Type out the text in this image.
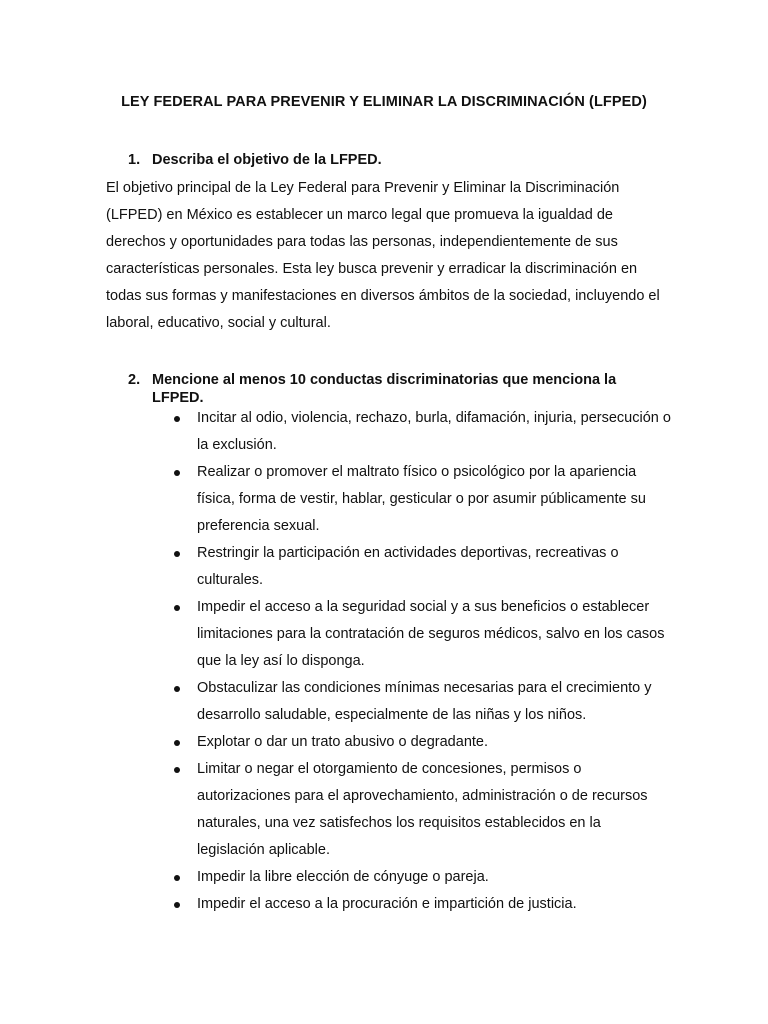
LEY FEDERAL PARA PREVENIR Y ELIMINAR LA DISCRIMINACIÓN (LFPED)
1. Describa el objetivo de la LFPED.
El objetivo principal de la Ley Federal para Prevenir y Eliminar la Discriminación (LFPED) en México es establecer un marco legal que promueva la igualdad de derechos y oportunidades para todas las personas, independientemente de sus características personales. Esta ley busca prevenir y erradicar la discriminación en todas sus formas y manifestaciones en diversos ámbitos de la sociedad, incluyendo el laboral, educativo, social y cultural.
2. Mencione al menos 10 conductas discriminatorias que menciona la LFPED.
Incitar al odio, violencia, rechazo, burla, difamación, injuria, persecución o la exclusión.
Realizar o promover el maltrato físico o psicológico por la apariencia física, forma de vestir, hablar, gesticular o por asumir públicamente su preferencia sexual.
Restringir la participación en actividades deportivas, recreativas o culturales.
Impedir el acceso a la seguridad social y a sus beneficios o establecer limitaciones para la contratación de seguros médicos, salvo en los casos que la ley así lo disponga.
Obstaculizar las condiciones mínimas necesarias para el crecimiento y desarrollo saludable, especialmente de las niñas y los niños.
Explotar o dar un trato abusivo o degradante.
Limitar o negar el otorgamiento de concesiones, permisos o autorizaciones para el aprovechamiento, administración o de recursos naturales, una vez satisfechos los requisitos establecidos en la legislación aplicable.
Impedir la libre elección de cónyuge o pareja.
Impedir el acceso a la procuración e impartición de justicia.
